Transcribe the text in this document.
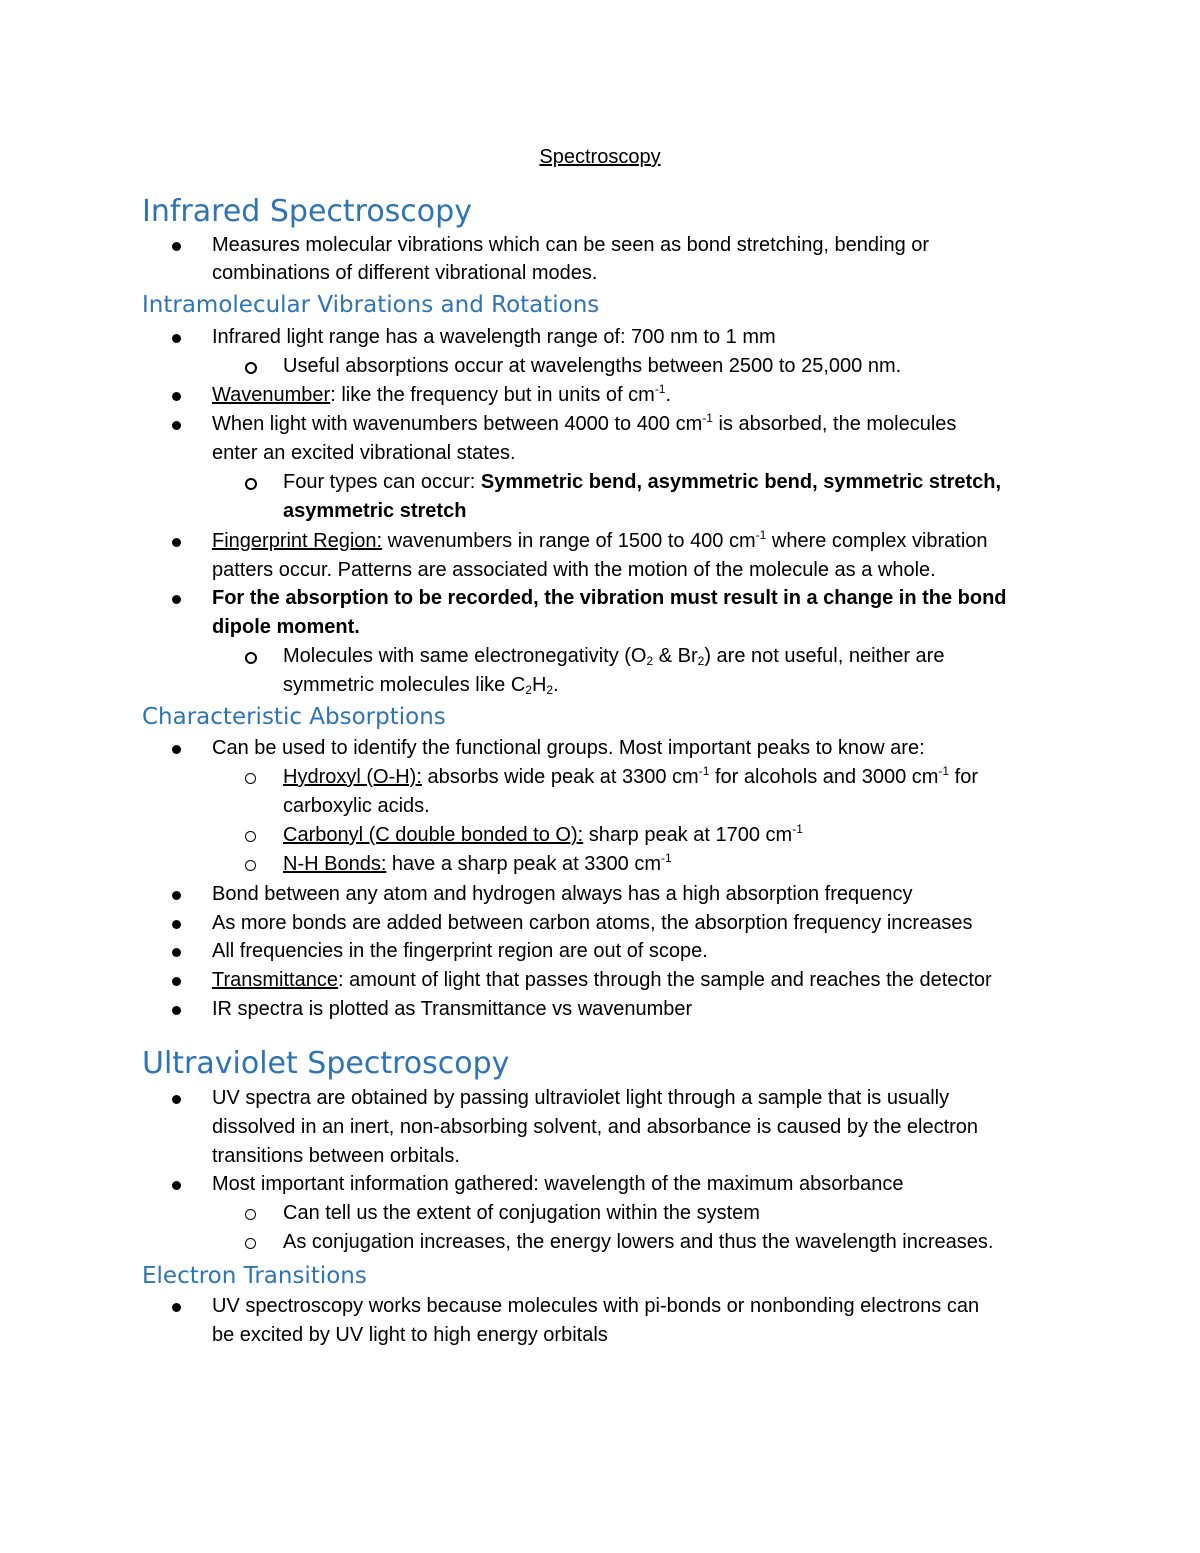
Spectroscopy
Infrared Spectroscopy
Measures molecular vibrations which can be seen as bond stretching, bending or
combinations of different vibrational modes.
Intramolecular Vibrations and Rotations
Infrared light range has a wavelength range of: 700 nm to 1 mm
Useful absorptions occur at wavelengths between 2500 to 25,000 nm.
Wavenumber: like the frequency but in units of $cm^{-1}$.
When light with wavenumbers between 4000 to 400 $cm^{-1}$ is absorbed, the molecules
enter an excited vibrational states.
Four types can occur: Symmetric bend, asymmetric bend, symmetric stretch,
asymmetric stretch
Fingerprint Region: wavenumbers in range of 1500 to 400 $cm^{-1}$ where complex vibration
patters occur. Patterns are associated with the motion of the molecule as a whole.
For the absorption to be recorded, the vibration must result in a change in the bond
dipole moment.
Molecules with same electronegativity ($O_2$ & $Br_2$) are not useful, neither are
symmetric molecules like $C_2H_2$.
Characteristic Absorptions
Can be used to identify the functional groups. Most important peaks to know are:
Hydroxyl (O-H): absorbs wide peak at 3300 $cm^{-1}$ for alcohols and 3000 $cm^{-1}$ for
carboxylic acids.
Carbonyl (C double bonded to O): sharp peak at 1700 $cm^{-1}$
N-H Bonds: have a sharp peak at 3300 $cm^{-1}$
Bond between any atom and hydrogen always has a high absorption frequency
As more bonds are added between carbon atoms, the absorption frequency increases
All frequencies in the fingerprint region are out of scope.
Transmittance: amount of light that passes through the sample and reaches the detector
IR spectra is plotted as Transmittance vs wavenumber
Ultraviolet Spectroscopy
UV spectra are obtained by passing ultraviolet light through a sample that is usually
dissolved in an inert, non-absorbing solvent, and absorbance is caused by the electron
transitions between orbitals.
Most important information gathered: wavelength of the maximum absorbance
Can tell us the extent of conjugation within the system
As conjugation increases, the energy lowers and thus the wavelength increases.
Electron Transitions
UV spectroscopy works because molecules with pi-bonds or nonbonding electrons can
be excited by UV light to high energy orbitals
